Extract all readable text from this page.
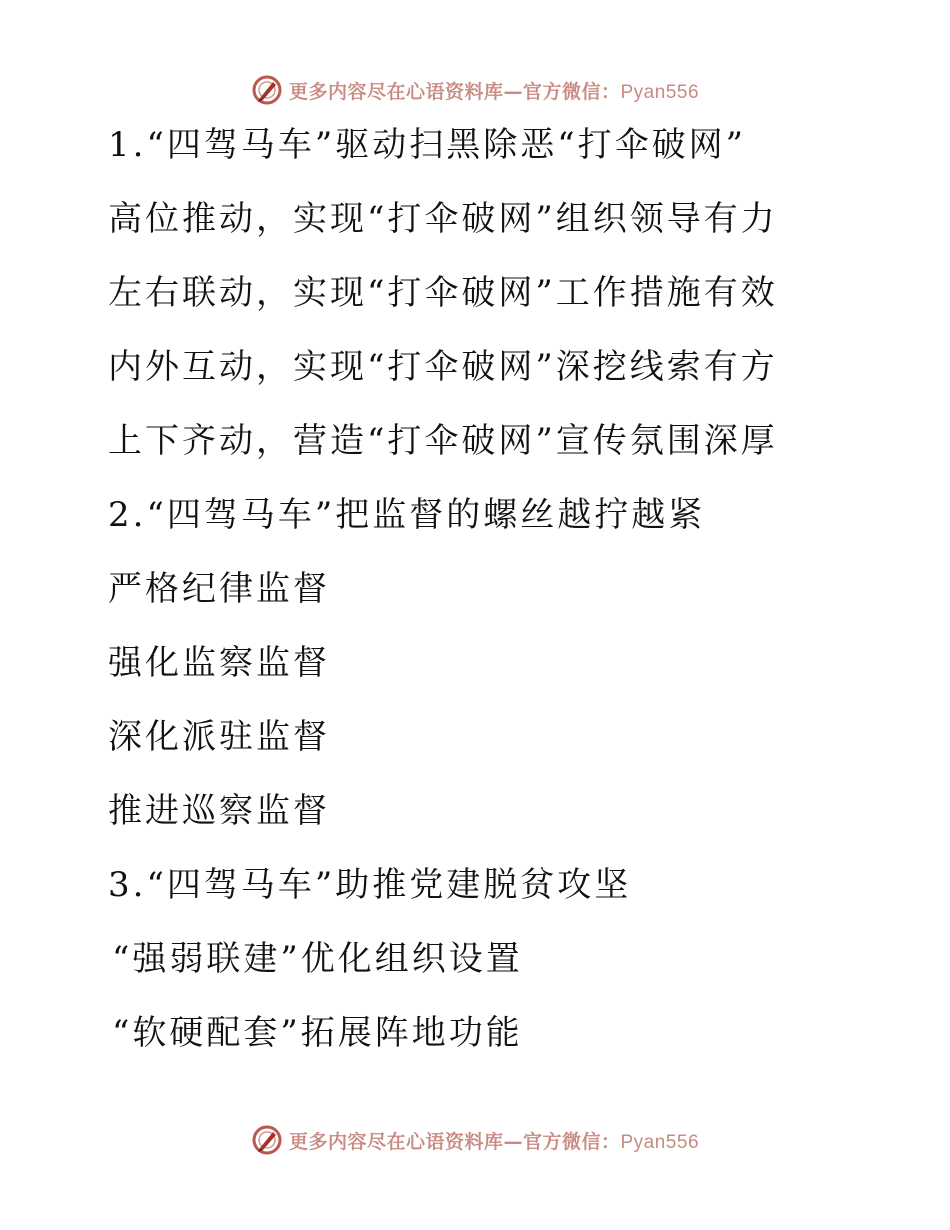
更多内容尽在心语资料库—官方微信：Pyan556
1.“四驾马车”驱动扫黑除恶“打伞破网”
高位推动，实现“打伞破网”组织领导有力
左右联动，实现“打伞破网”工作措施有效
内外互动，实现“打伞破网”深挖线索有方
上下齐动，营造“打伞破网”宣传氛围深厚
2.“四驾马车”把监督的螺丝越拧越紧
严格纪律监督
强化监察监督
深化派驻监督
推进巡察监督
3.“四驾马车”助推党建脱贫攻坚
“强弱联建”优化组织设置
“软硬配套”拓展阵地功能
更多内容尽在心语资料库—官方微信：Pyan556
